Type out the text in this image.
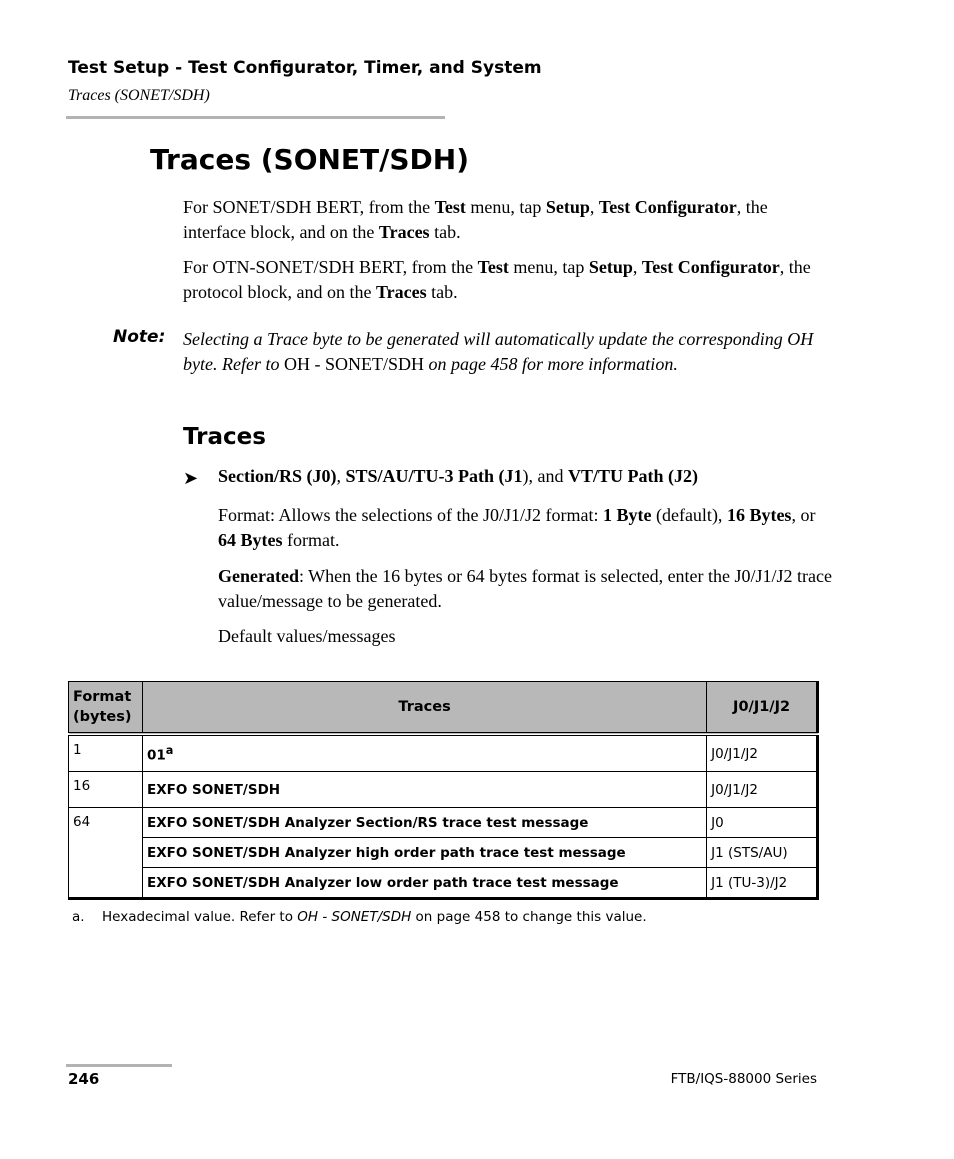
Test Setup - Test Configurator, Timer, and System
Traces (SONET/SDH)
Traces (SONET/SDH)
For SONET/SDH BERT, from the Test menu, tap Setup, Test Configurator, the interface block, and on the Traces tab.
For OTN-SONET/SDH BERT, from the Test menu, tap Setup, Test Configurator, the protocol block, and on the Traces tab.
Note: Selecting a Trace byte to be generated will automatically update the corresponding OH byte. Refer to OH - SONET/SDH on page 458 for more information.
Traces
➤ Section/RS (J0), STS/AU/TU-3 Path (J1), and VT/TU Path (J2)
Format: Allows the selections of the J0/J1/J2 format: 1 Byte (default), 16 Bytes, or 64 Bytes format.
Generated: When the 16 bytes or 64 bytes format is selected, enter the J0/J1/J2 trace value/message to be generated.
Default values/messages
Format (bytes)	Traces	J0/J1/J2
1	01$^a$	J0/J1/J2
16	EXFO SONET/SDH	J0/J1/J2
64	EXFO SONET/SDH Analyzer Section/RS trace test message	J0
	EXFO SONET/SDH Analyzer high order path trace test message	J1 (STS/AU)
	EXFO SONET/SDH Analyzer low order path trace test message	J1 (TU-3)/J2
a. Hexadecimal value. Refer to OH - SONET/SDH on page 458 to change this value.
246	FTB/IQS-88000 Series
